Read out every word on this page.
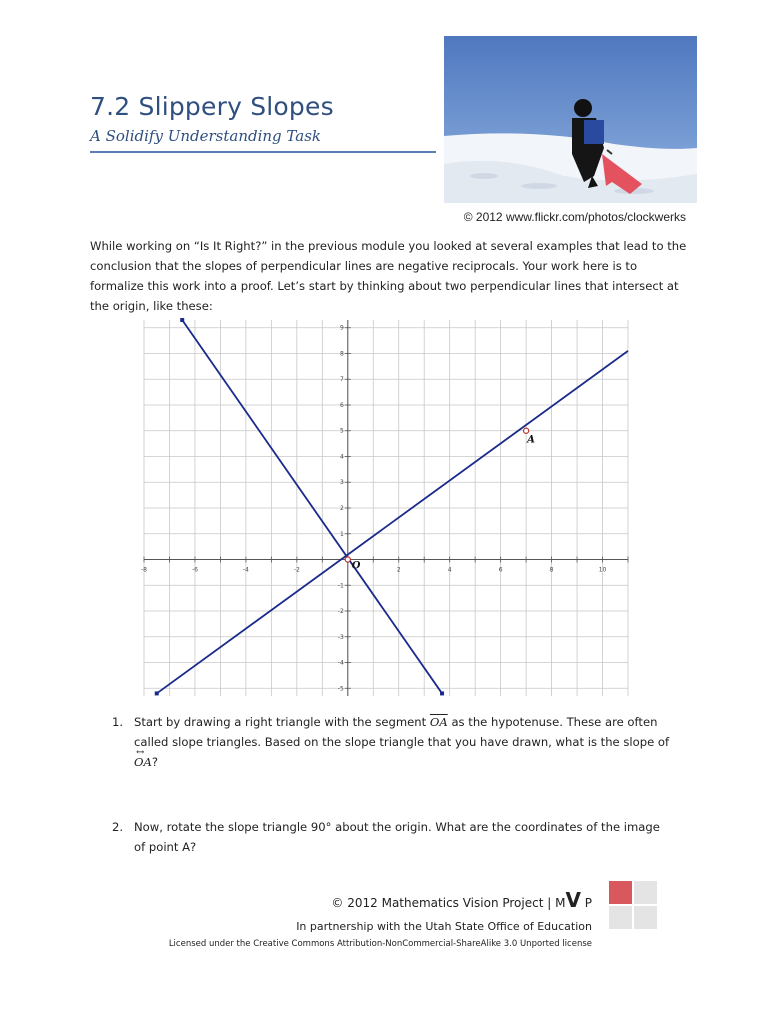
7.2 Slippery Slopes
A Solidify Understanding Task
© 2012 www.flickr.com/photos/clockwerks
While working on “Is It Right?” in the previous module you looked at several examples that lead to the conclusion that the slopes of perpendicular lines are negative reciprocals. Your work here is to formalize this work into a proof. Let’s start by thinking about two perpendicular lines that intersect at the origin, like these:
-8	-6	-4	-2	2	4	6	8	10
9
8
7
6
5
4
3
2
1
-1
-2
-3
-4
-5
O
A
1. Start by drawing a right triangle with the segment $\overline{OA}$ as the hypotenuse. These are often called slope triangles. Based on the slope triangle that you have drawn, what is the slope of ↔ OA?
2. Now, rotate the slope triangle 90° about the origin. What are the coordinates of the image of point A?
© 2012 Mathematics Vision Project | MV P
In partnership with the Utah State Office of Education
Licensed under the Creative Commons Attribution-NonCommercial-ShareAlike 3.0 Unported license
